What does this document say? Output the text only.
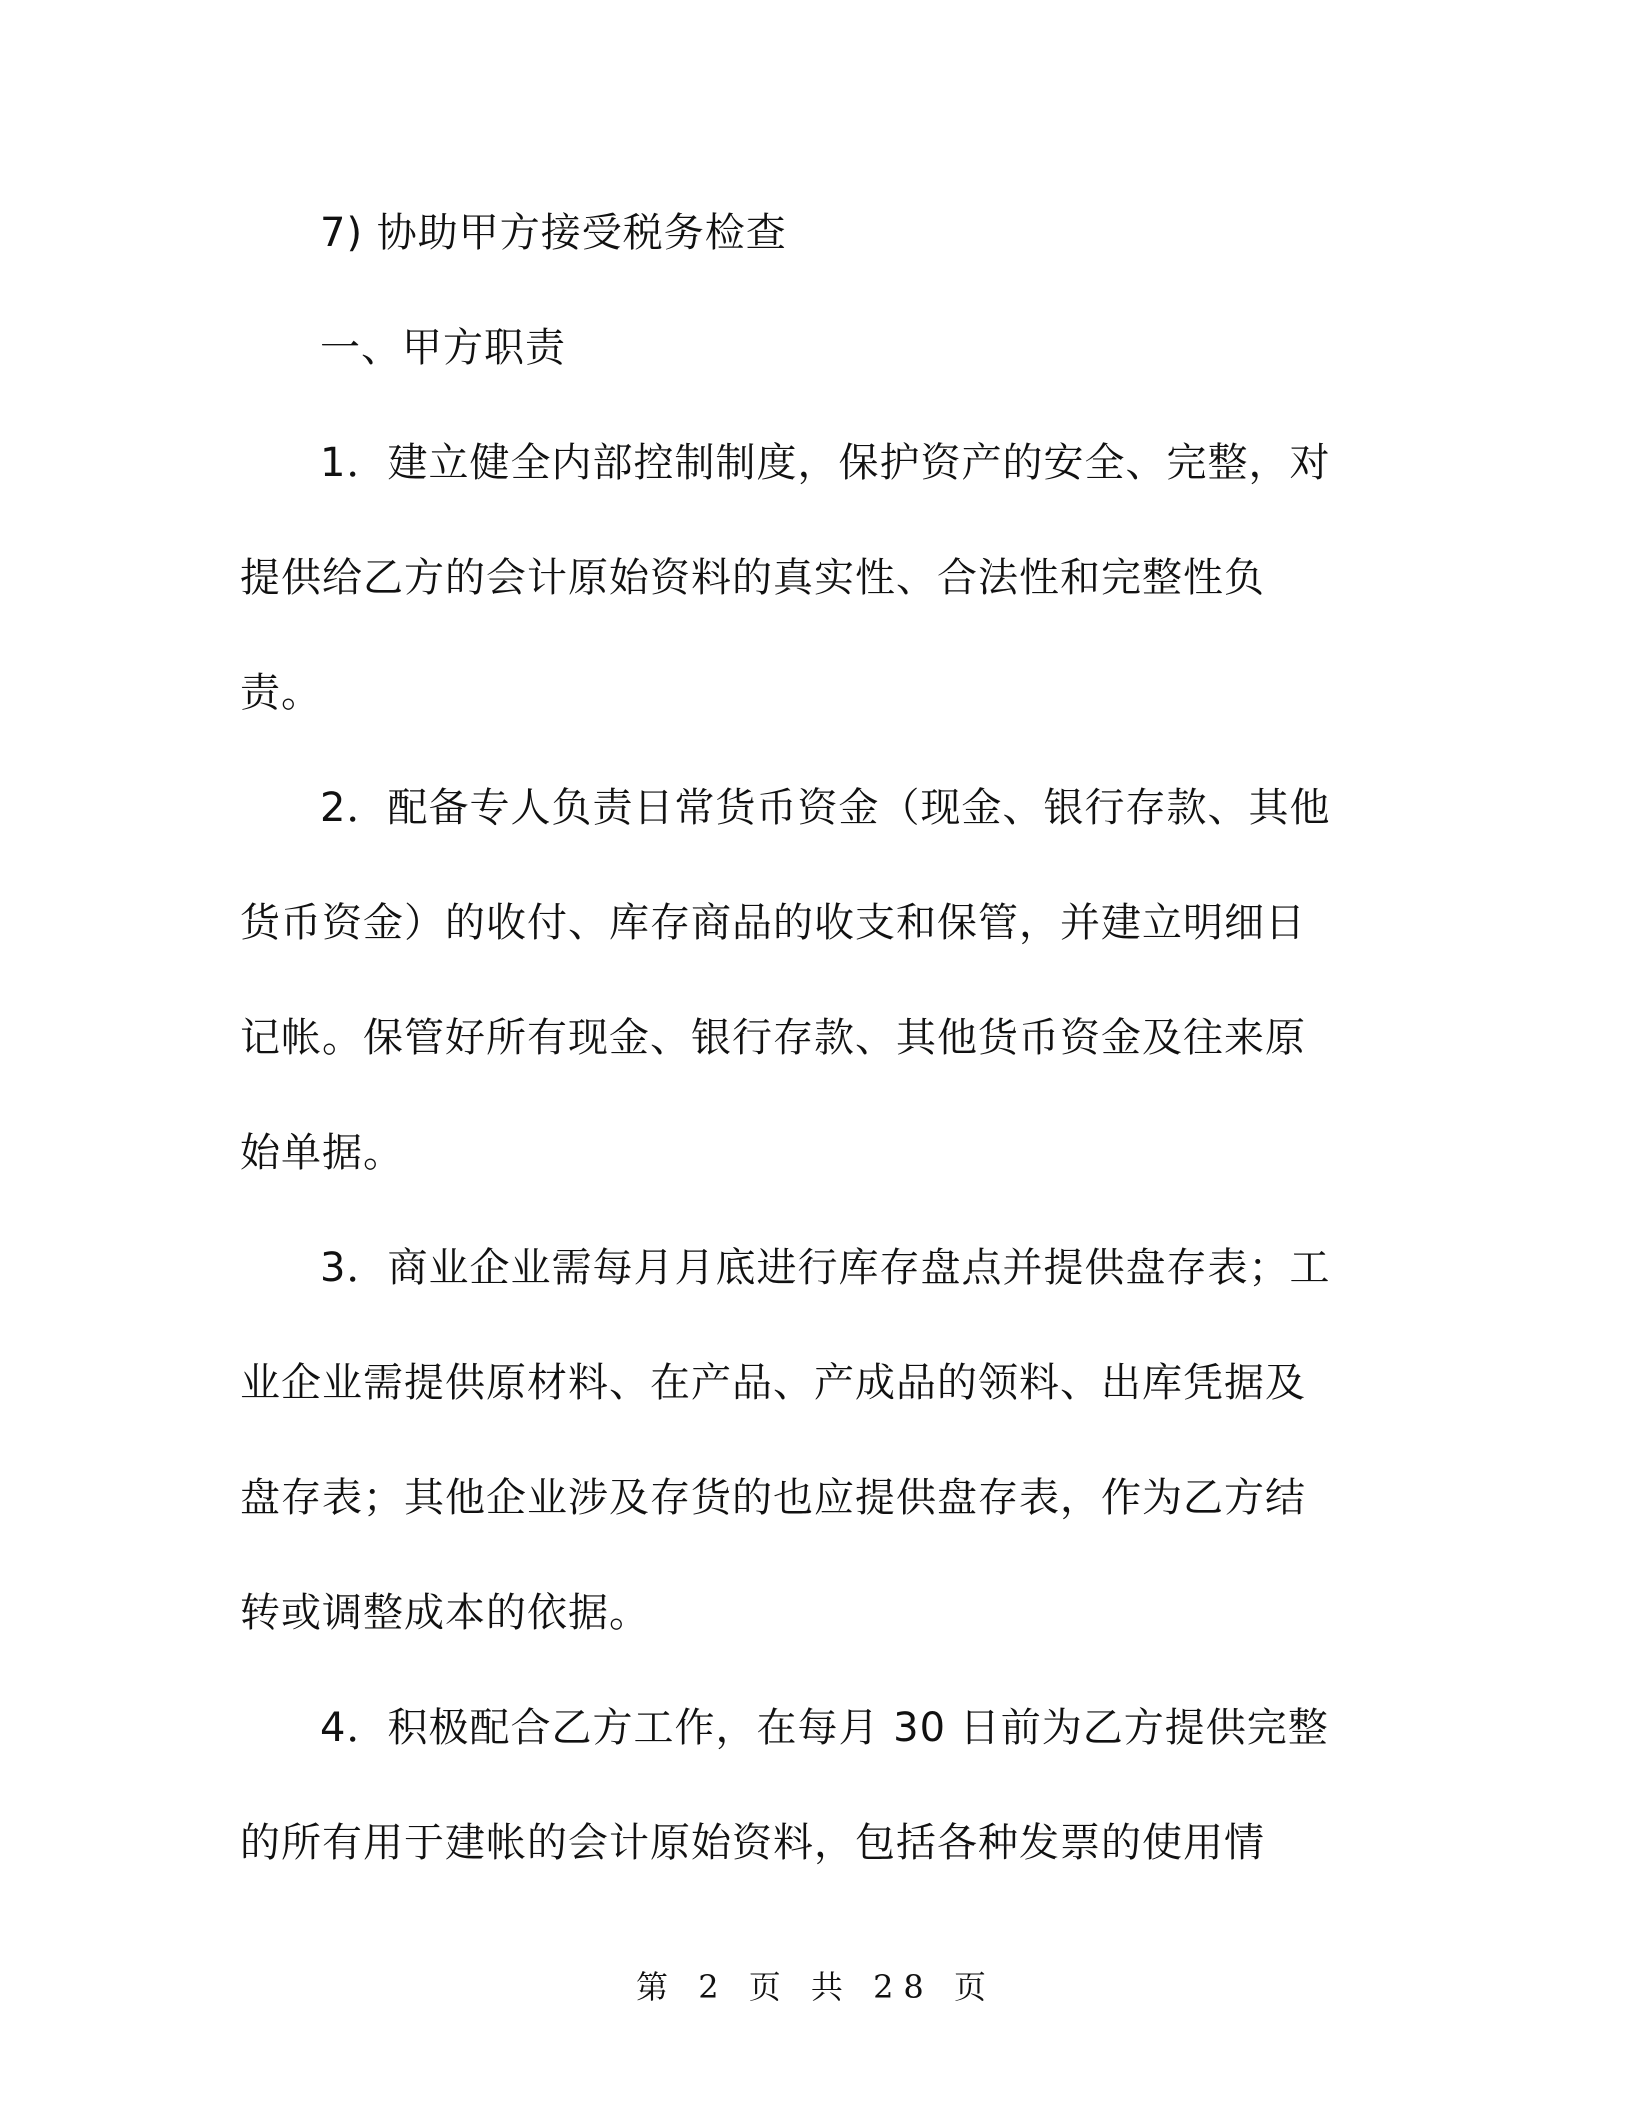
7) 协助甲方接受税务检查
一、甲方职责
1．建立健全内部控制制度，保护资产的安全、完整，对
提供给乙方的会计原始资料的真实性、合法性和完整性负
责。
2．配备专人负责日常货币资金（现金、银行存款、其他
货币资金）的收付、库存商品的收支和保管，并建立明细日
记帐。保管好所有现金、银行存款、其他货币资金及往来原
始单据。
3．商业企业需每月月底进行库存盘点并提供盘存表；工
业企业需提供原材料、在产品、产成品的领料、出库凭据及
盘存表；其他企业涉及存货的也应提供盘存表，作为乙方结
转或调整成本的依据。
4．积极配合乙方工作，在每月 30 日前为乙方提供完整
的所有用于建帐的会计原始资料，包括各种发票的使用情
第 2 页 共 28 页
